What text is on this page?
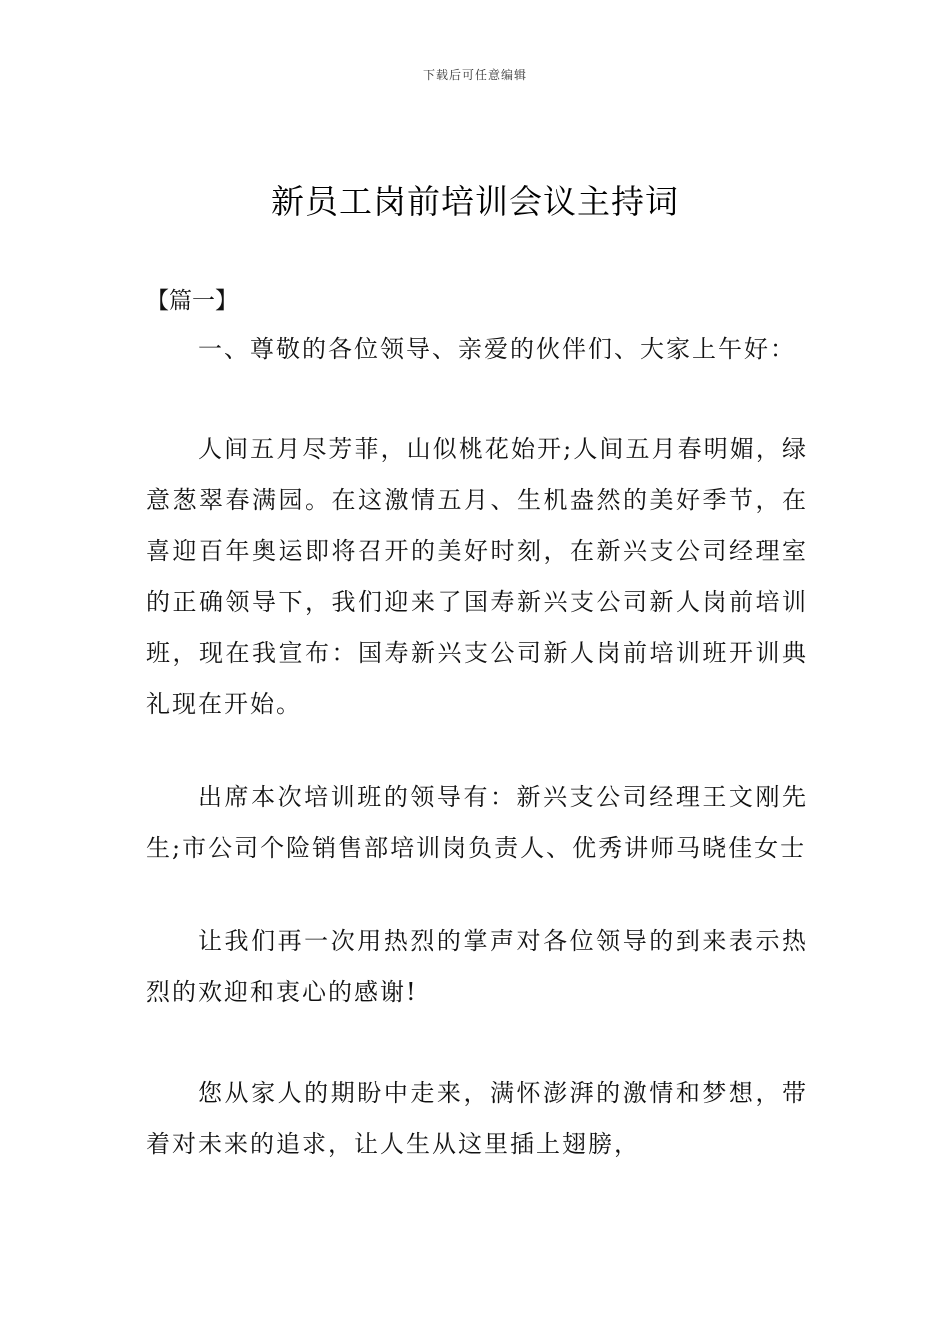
下载后可任意编辑
新员工岗前培训会议主持词

【篇一】

一、尊敬的各位领导、亲爱的伙伴们、大家上午好：

人间五月尽芳菲，山似桃花始开;人间五月春明媚，绿意葱翠春满园。在这激情五月、生机盎然的美好季节，在喜迎百年奥运即将召开的美好时刻，在新兴支公司经理室的正确领导下，我们迎来了国寿新兴支公司新人岗前培训班，现在我宣布：国寿新兴支公司新人岗前培训班开训典礼现在开始。

出席本次培训班的领导有：新兴支公司经理王文刚先生;市公司个险销售部培训岗负责人、优秀讲师马晓佳女士

让我们再一次用热烈的掌声对各位领导的到来表示热烈的欢迎和衷心的感谢!

您从家人的期盼中走来，满怀澎湃的激情和梦想，带着对未来的追求，让人生从这里插上翅膀，
